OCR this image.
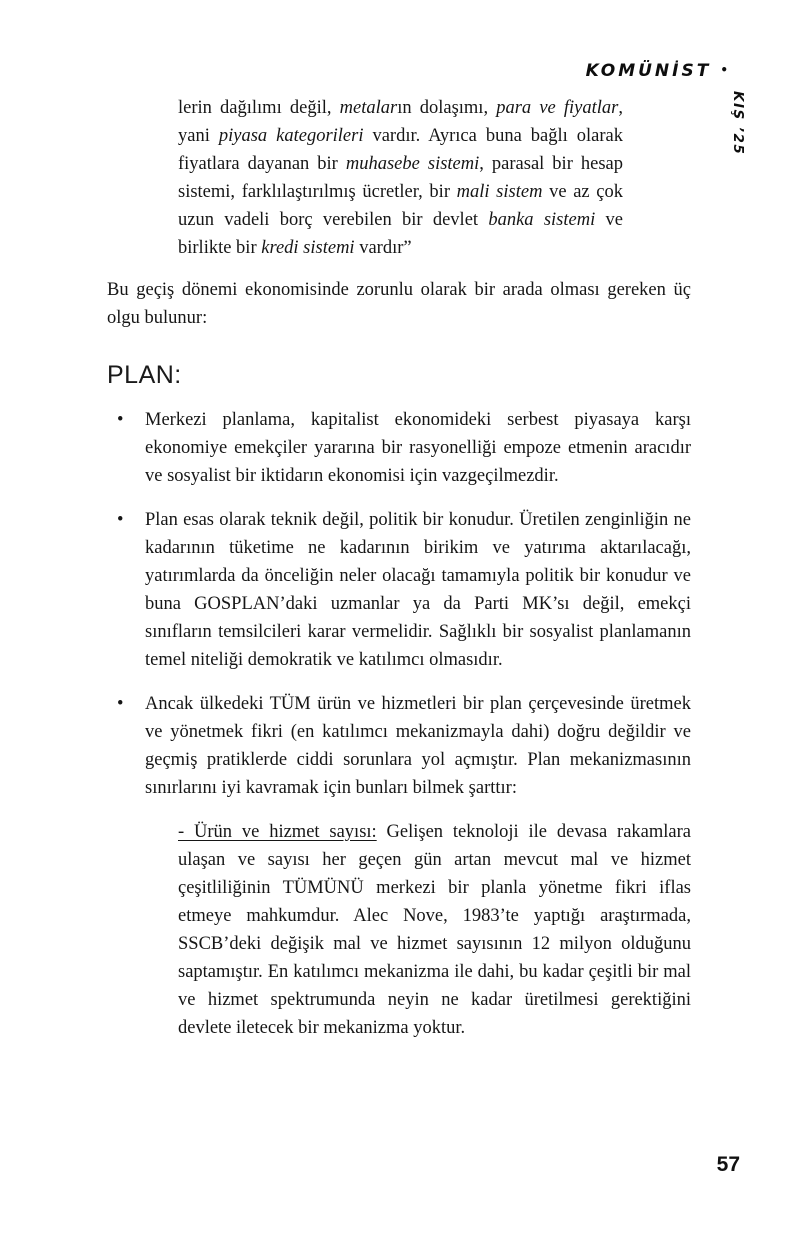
KOMÜNİST •
KIŞ ’25
lerin dağılımı değil, metaların dolaşımı, para ve fiyatlar, yani piyasa kategorileri vardır. Ayrıca buna bağlı olarak fiyatlara dayanan bir muhasebe sistemi, parasal bir hesap sistemi, farklılaştırılmış ücretler, bir mali sistem ve az çok uzun vadeli borç verebilen bir devlet banka sistemi ve birlikte bir kredi sistemi vardır”

Bu geçiş dönemi ekonomisinde zorunlu olarak bir arada olması gereken üç olgu bulunur:

PLAN:
• Merkezi planlama, kapitalist ekonomideki serbest piyasaya karşı ekonomiye emekçiler yararına bir rasyonelliği empoze etmenin aracıdır ve sosyalist bir iktidarın ekonomisi için vazgeçilmezdir.
• Plan esas olarak teknik değil, politik bir konudur. Üretilen zenginliğin ne kadarının tüketime ne kadarının birikim ve yatırıma aktarılacağı, yatırımlarda da önceliğin neler olacağı tamamıyla politik bir konudur ve buna GOSPLAN’daki uzmanlar ya da Parti MK’sı değil, emekçi sınıfların temsilcileri karar vermelidir. Sağlıklı bir sosyalist planlamanın temel niteliği demokratik ve katılımcı olmasıdır.
• Ancak ülkedeki TÜM ürün ve hizmetleri bir plan çerçevesinde üretmek ve yönetmek fikri (en katılımcı mekanizmayla dahi) doğru değildir ve geçmiş pratiklerde ciddi sorunlara yol açmıştır. Plan mekanizmasının sınırlarını iyi kavramak için bunları bilmek şarttır:

- Ürün ve hizmet sayısı: Gelişen teknoloji ile devasa rakamlara ulaşan ve sayısı her geçen gün artan mevcut mal ve hizmet çeşitliliğinin TÜMÜNÜ merkezi bir planla yönetme fikri iflas etmeye mahkumdur. Alec Nove, 1983’te yaptığı araştırmada, SSCB’deki değişik mal ve hizmet sayısının 12 milyon olduğunu saptamıştır. En katılımcı mekanizma ile dahi, bu kadar çeşitli bir mal ve hizmet spektrumunda neyin ne kadar üretilmesi gerektiğini devlete iletecek bir mekanizma yoktur.

57
